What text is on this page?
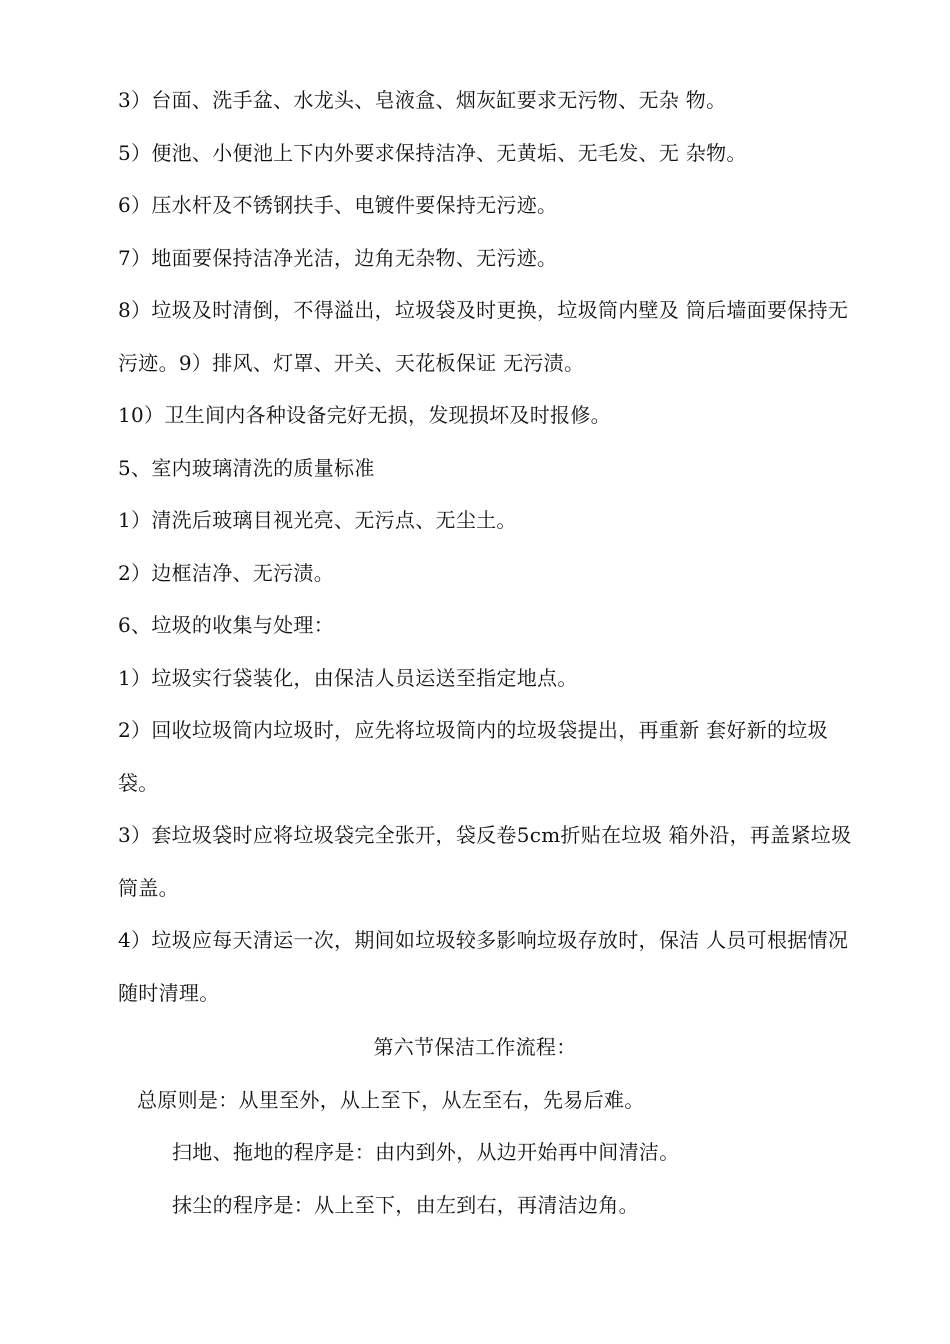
3）台面、洗手盆、水龙头、皂液盒、烟灰缸要求无污物、无杂 物。

5）便池、小便池上下内外要求保持洁净、无黄垢、无毛发、无 杂物。

6）压水杆及不锈钢扶手、电镀件要保持无污迹。

7）地面要保持洁净光洁，边角无杂物、无污迹。

8）垃圾及时清倒，不得溢出，垃圾袋及时更换，垃圾筒内壁及 筒后墙面要保持无污迹。9）排风、灯罩、开关、天花板保证 无污渍。

10）卫生间内各种设备完好无损，发现损坏及时报修。

5、室内玻璃清洗的质量标准

1）清洗后玻璃目视光亮、无污点、无尘土。

2）边框洁净、无污渍。

6、垃圾的收集与处理：

1）垃圾实行袋装化，由保洁人员运送至指定地点。

2）回收垃圾筒内垃圾时，应先将垃圾筒内的垃圾袋提出，再重新 套好新的垃圾袋。

3）套垃圾袋时应将垃圾袋完全张开，袋反卷5cm折贴在垃圾 箱外沿，再盖紧垃圾筒盖。

4）垃圾应每天清运一次，期间如垃圾较多影响垃圾存放时，保洁 人员可根据情况随时清理。

第六节保洁工作流程：

总原则是：从里至外，从上至下，从左至右，先易后难。

扫地、拖地的程序是：由内到外，从边开始再中间清洁。

抹尘的程序是：从上至下，由左到右，再清洁边角。
